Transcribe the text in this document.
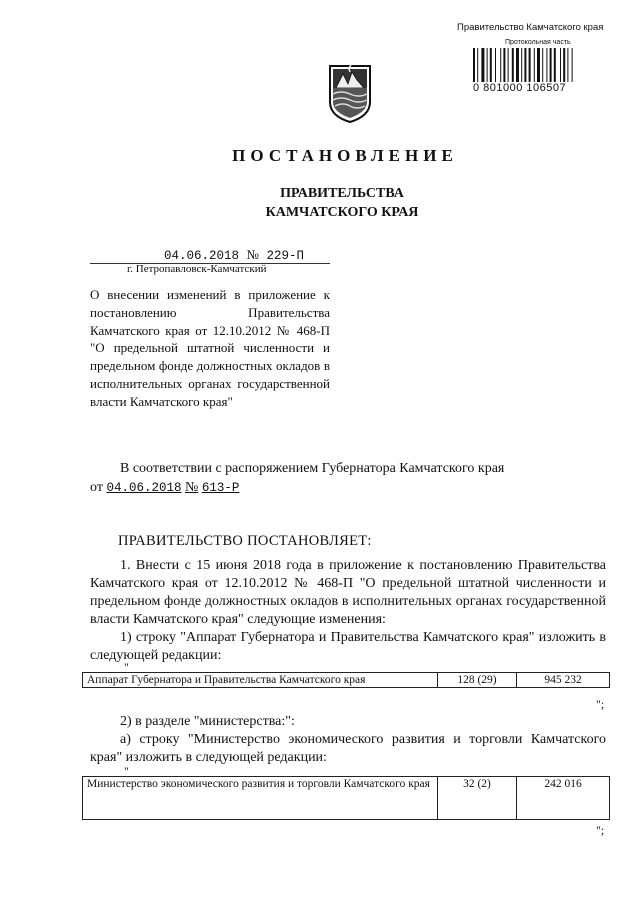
Правительство Камчатского края
Протокольная часть
0 801000 106507
ПОСТАНОВЛЕНИЕ
ПРАВИТЕЛЬСТВА
КАМЧАТСКОГО КРАЯ
04.06.2018 № 229-П
г. Петропавловск-Камчатский
О внесении изменений в приложение к постановлению Правительства Камчатского края от 12.10.2012 № 468-П "О предельной штатной численности и предельном фонде должностных окладов в исполнительных органах государственной власти Камчатского края"
В соответствии с распоряжением Губернатора Камчатского края
от 04.06.2018 № 613-Р
ПРАВИТЕЛЬСТВО ПОСТАНОВЛЯЕТ:
1. Внести с 15 июня 2018 года в приложение к постановлению Правительства Камчатского края от 12.10.2012 № 468-П "О предельной штатной численности и предельном фонде должностных окладов в исполнительных органах государственной власти Камчатского края" следующие изменения:
1) строку "Аппарат Губернатора и Правительства Камчатского края" изложить в следующей редакции:
"
Аппарат Губернатора и Правительства Камчатского края	128 (29)	945 232
";
2) в разделе "министерства:":
а) строку "Министерство экономического развития и торговли Камчатского края" изложить в следующей редакции:
"
Министерство экономического развития и торговли Камчатского края	32 (2)	242 016
";
